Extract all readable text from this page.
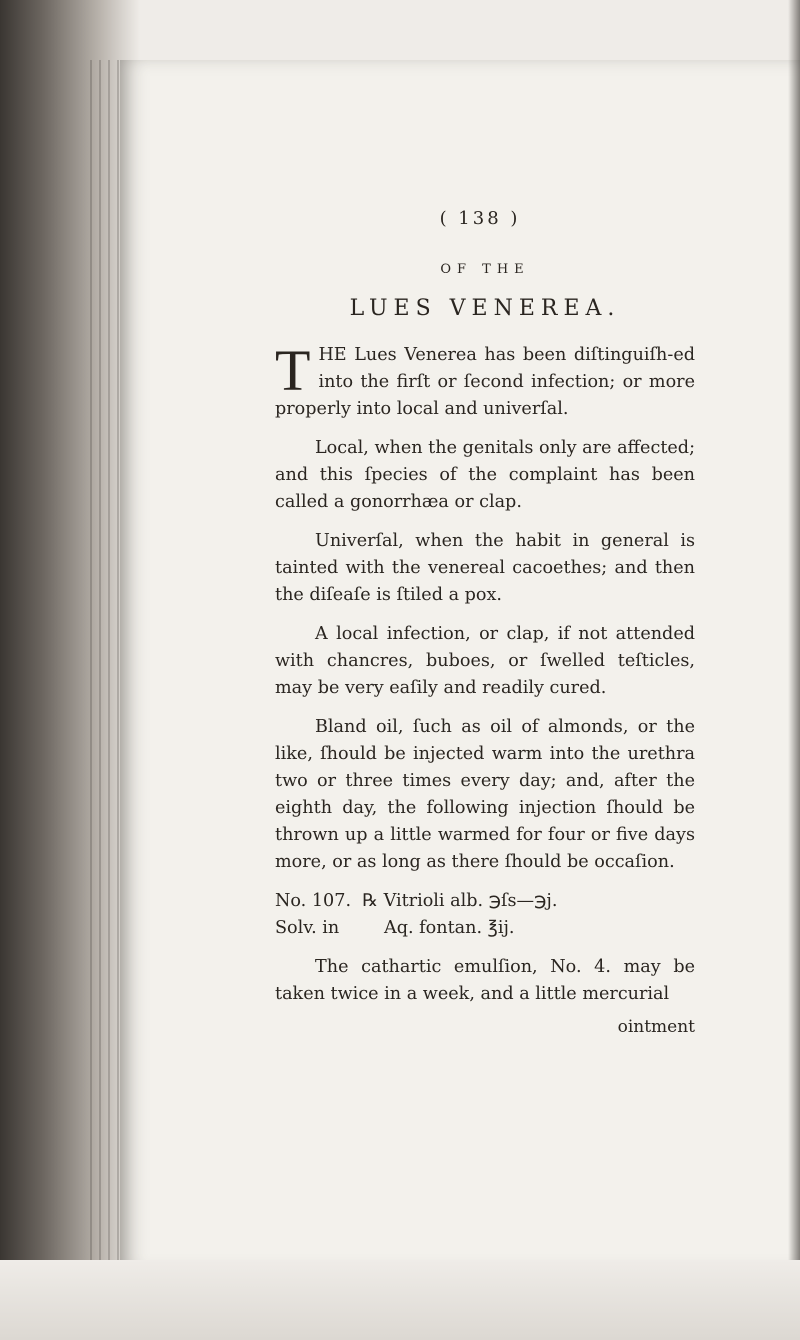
( 138 )
OF THE
LUES VENEREA.

T HE Lues Venerea has been diſtinguiſh-ed into the firſt or ſecond infection; or more properly into local and univerſal.

Local, when the genitals only are affected; and this ſpecies of the complaint has been called a gonorrhæa or clap.

Univerſal, when the habit in general is tainted with the venereal cacoethes; and then the diſeaſe is ſtiled a pox.

A local infection, or clap, if not attended with chancres, buboes, or ſwelled teſticles, may be very eaſily and readily cured.

Bland oil, ſuch as oil of almonds, or the like, ſhould be injected warm into the urethra two or three times every day; and, after the eighth day, the following injection ſhould be thrown up a little warmed for four or five days more, or as long as there ſhould be occaſion.

No. 107.  ℞ Vitrioli alb. ℈ſs—℈j.
Solv. in        Aq. fontan. ℥ij.

The cathartic emulſion, No. 4. may be taken twice in a week, and a little mercurial

ointment
